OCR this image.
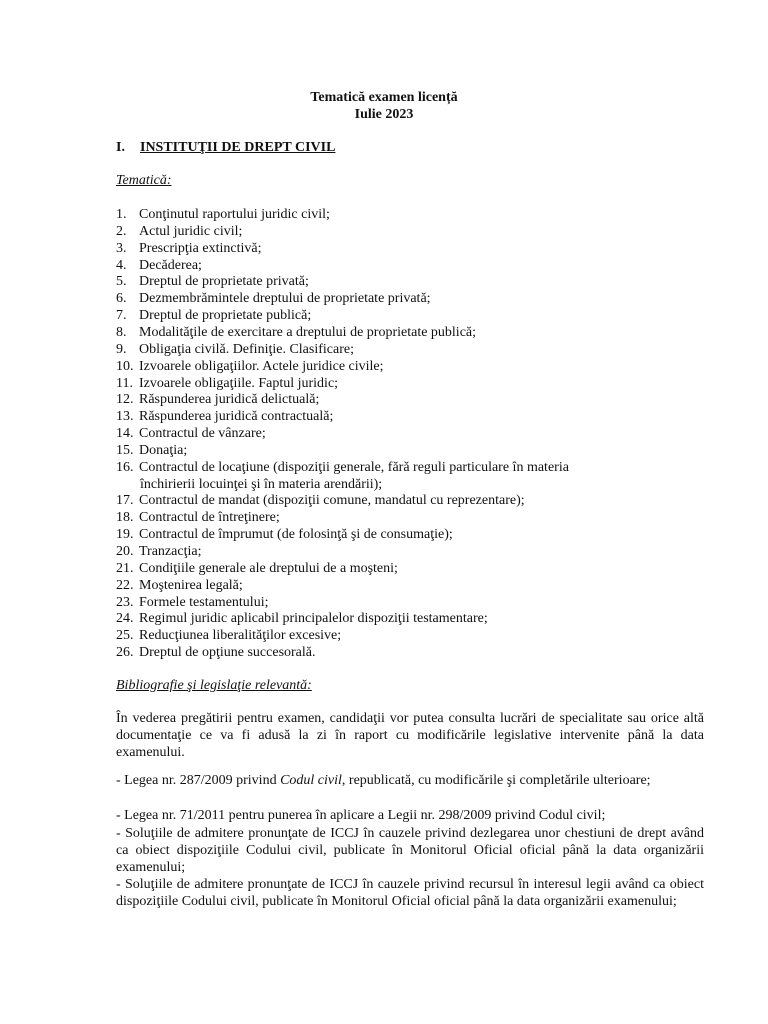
Tematică examen licență
Iulie 2023
I. INSTITUŢII DE DREPT CIVIL
Tematică:
1. Conţinutul raportului juridic civil;
2. Actul juridic civil;
3. Prescripţia extinctivă;
4. Decăderea;
5. Dreptul de proprietate privată;
6. Dezmembrămintele dreptului de proprietate privată;
7. Dreptul de proprietate publică;
8. Modalităţile de exercitare a dreptului de proprietate publică;
9. Obligaţia civilă. Definiţie. Clasificare;
10. Izvoarele obligaţiilor. Actele juridice civile;
11. Izvoarele obligaţiile. Faptul juridic;
12. Răspunderea juridică delictuală;
13. Răspunderea juridică contractuală;
14. Contractul de vânzare;
15. Donaţia;
16. Contractul de locaţiune (dispoziţii generale, fără reguli particulare în materia
închirierii locuinţei şi în materia arendării);
17. Contractul de mandat (dispoziţii comune, mandatul cu reprezentare);
18. Contractul de întreţinere;
19. Contractul de împrumut (de folosinţă şi de consumaţie);
20. Tranzacţia;
21. Condiţiile generale ale dreptului de a moşteni;
22. Moştenirea legală;
23. Formele testamentului;
24. Regimul juridic aplicabil principalelor dispoziţii testamentare;
25. Reducţiunea liberalităţilor excesive;
26. Dreptul de opţiune succesorală.
Bibliografie şi legislaţie relevantă:
În vederea pregătirii pentru examen, candidaţii vor putea consulta lucrări de specialitate sau orice altă documentaţie ce va fi adusă la zi în raport cu modificările legislative intervenite până la data examenului.
- Legea nr. 287/2009 privind Codul civil, republicată, cu modificările şi completările ulterioare;
- Legea nr. 71/2011 pentru punerea în aplicare a Legii nr. 298/2009 privind Codul civil;
- Soluţiile de admitere pronunţate de ICCJ în cauzele privind dezlegarea unor chestiuni de drept având ca obiect dispoziţiile Codului civil, publicate în Monitorul Oficial oficial până la data organizării examenului;
- Soluţiile de admitere pronunţate de ICCJ în cauzele privind recursul în interesul legii având ca obiect dispoziţiile Codului civil, publicate în Monitorul Oficial oficial până la data organizării examenului;
